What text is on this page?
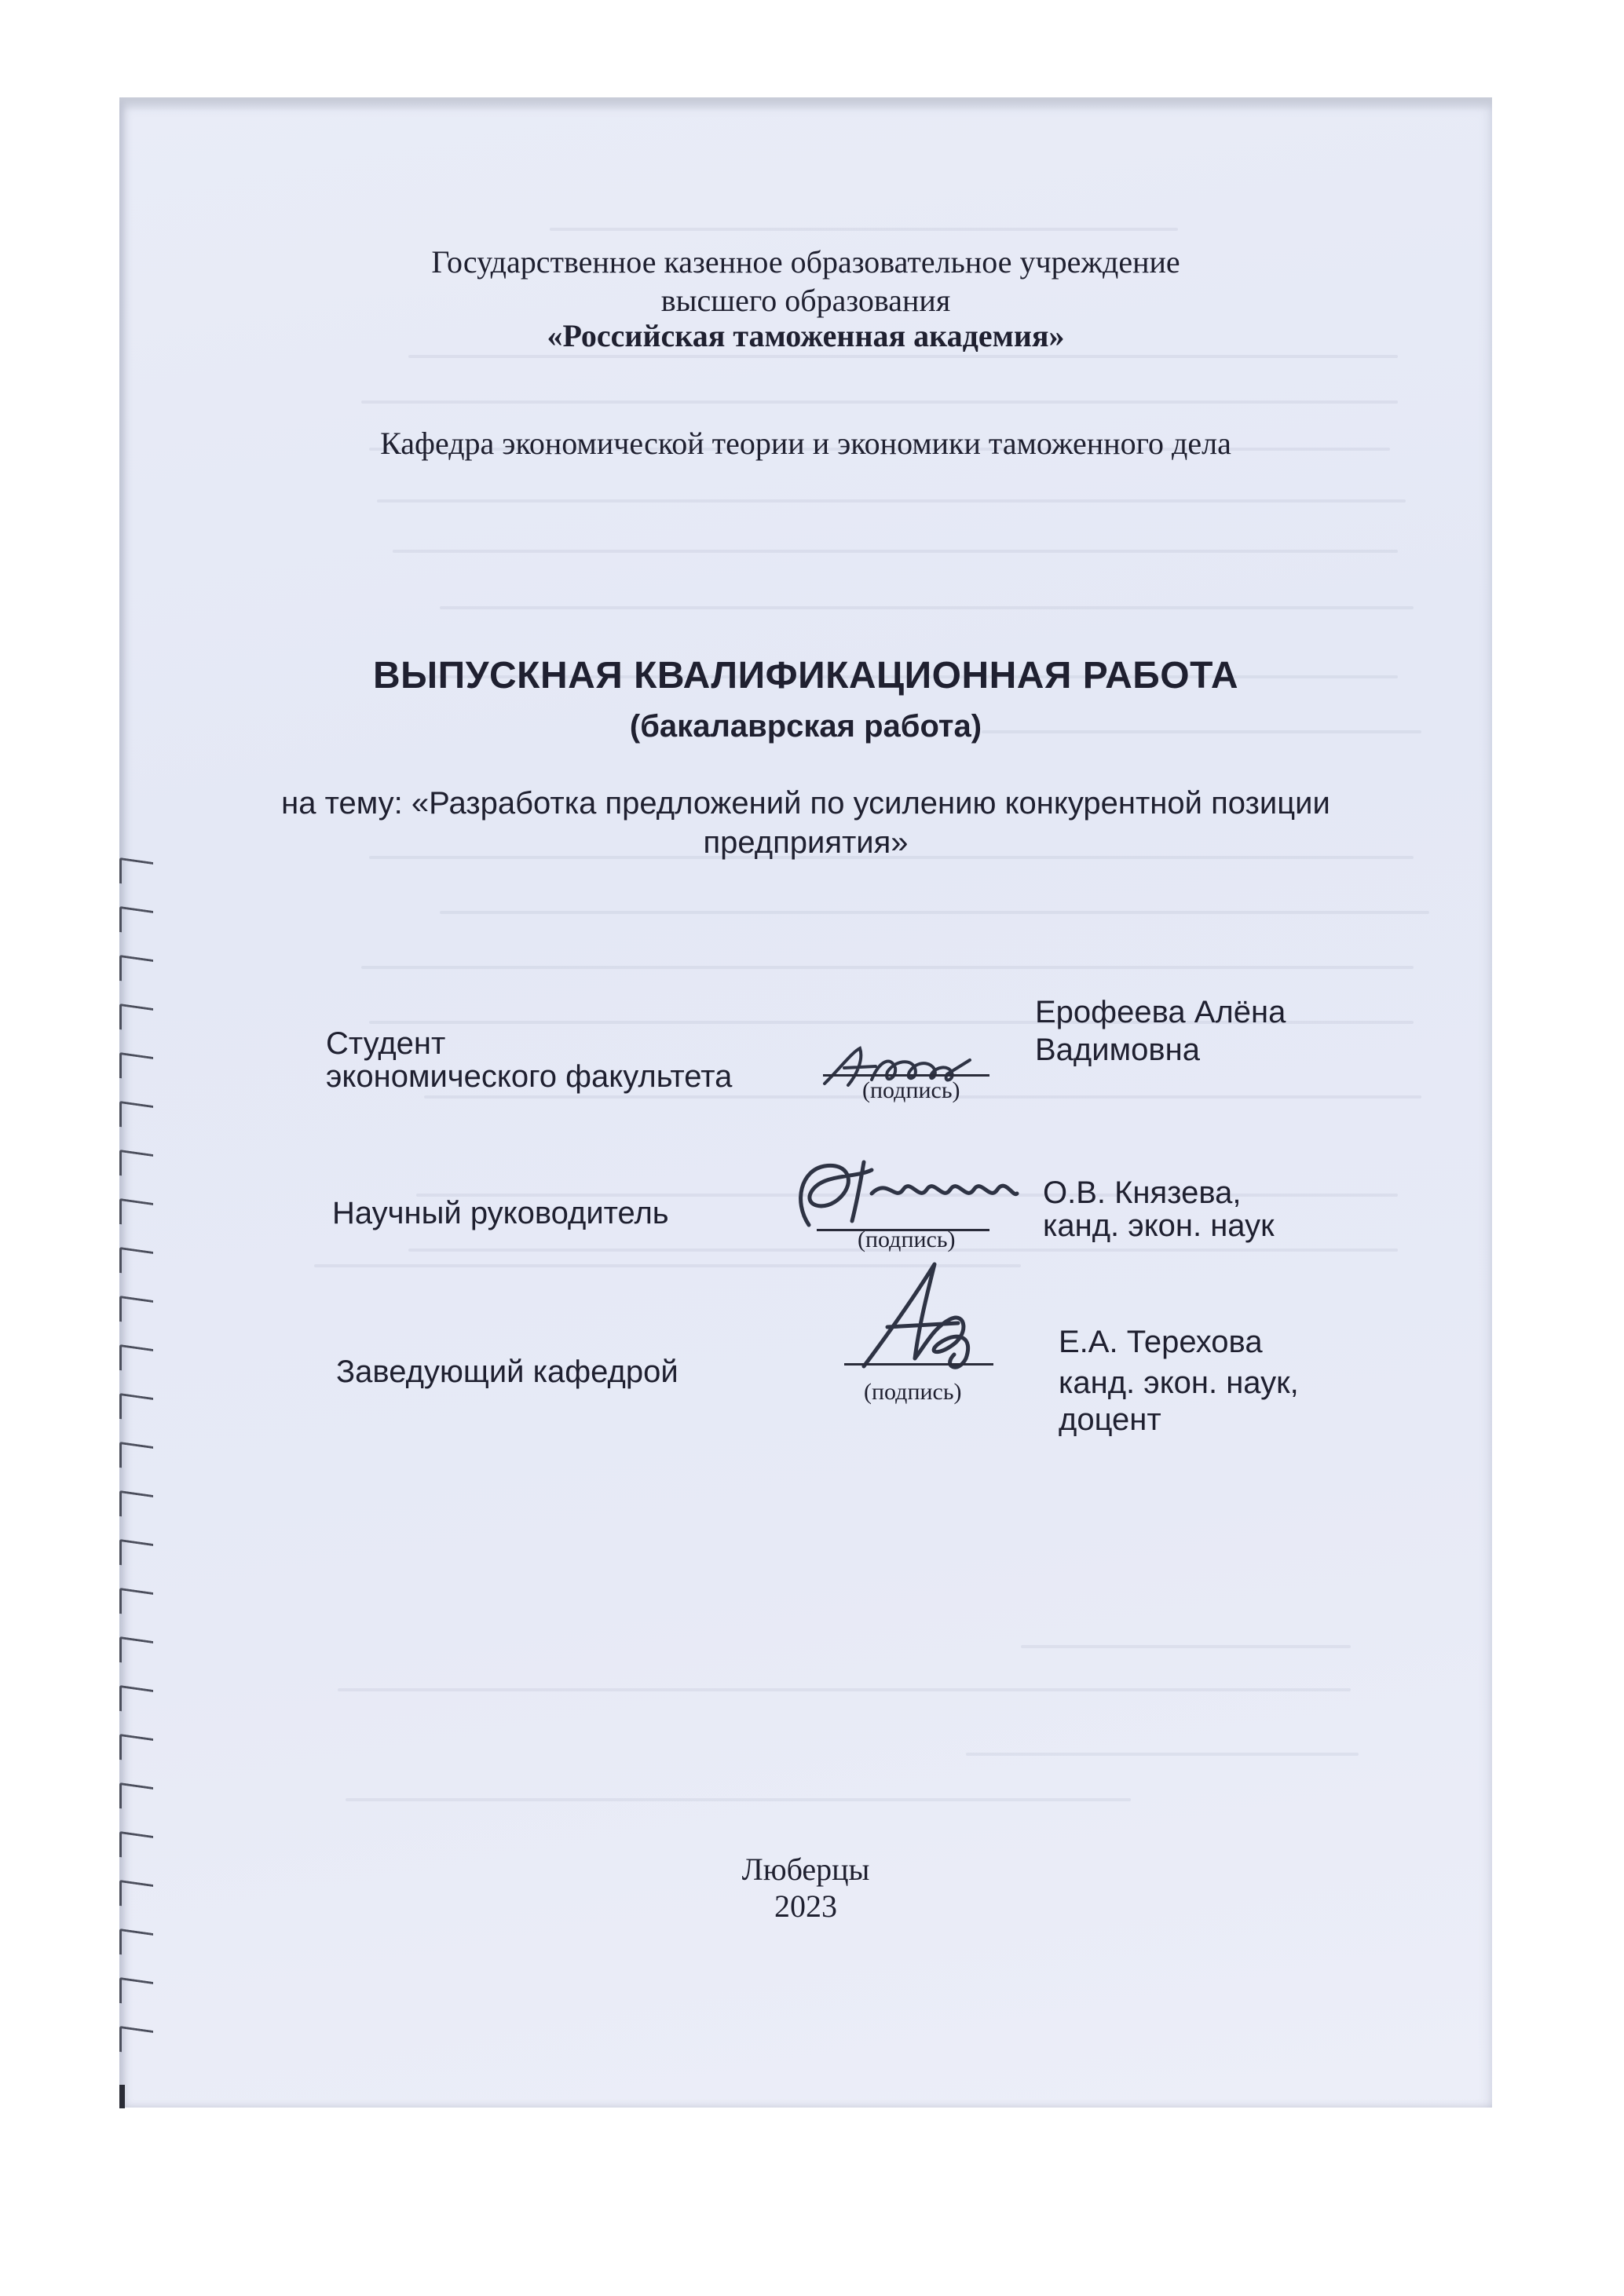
Государственное казенное образовательное учреждение
высшего образования
«Российская таможенная академия»
Кафедра экономической теории и экономики таможенного дела
ВЫПУСКНАЯ КВАЛИФИКАЦИОННАЯ РАБОТА
(бакалаврская работа)
на тему: «Разработка предложений по усилению конкурентной позиции
предприятия»
Студент
экономического факультета	(подпись)
Ерофеева Алёна
Вадимовна
Научный руководитель
(подпись)
О.В. Князева,
канд. экон. наук
Заведующий кафедрой
(подпись)
Е.А. Терехова
канд. экон. наук,
доцент
Люберцы
2023
